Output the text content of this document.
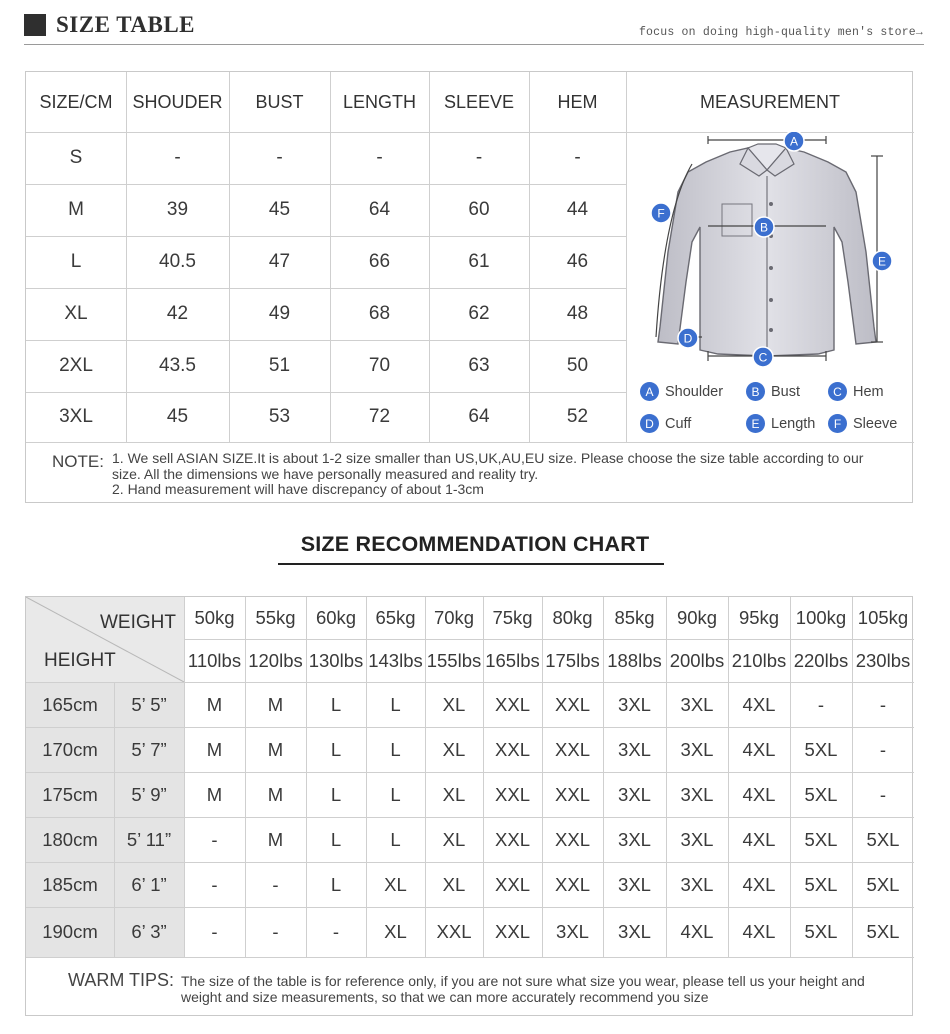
SIZE TABLE	focus on doing high-quality men's store→
SIZE/CM	SHOUDER	BUST	LENGTH	SLEEVE	HEM
S	-	-	-	-	-
M	39	45	64	60	44
L	40.5	47	66	61	46
XL	42	49	68	62	48
2XL	43.5	51	70	63	50
3XL	45	53	72	64	52
MEASUREMENT
A
B
C
D
E
F
A Shoulder	B Bust	C Hem
D Cuff	E Length	F Sleeve
NOTE: 1. We sell ASIAN SIZE.It is about 1-2 size smaller than US,UK,AU,EU size. Please choose the size table according to our size. All the dimensions we have personally measured and reality try.
2. Hand measurement will have discrepancy of about 1-3cm
SIZE RECOMMENDATION CHART
WEIGHT
HEIGHT
50kg	55kg	60kg	65kg 70kg 75kg	80kg	85kg	90kg	95kg 100kg 105kg
110lbs 120lbs 130lbs 143lbs 155lbs 165lbs 175lbs 188lbs 200lbs 210lbs 220lbs 230lbs
165cm	5’ 5”	M	M	L	L	XL	XXL	XXL	3XL	3XL	4XL	-	-
170cm	5’ 7”	M	M	L	L	XL	XXL	XXL	3XL	3XL	4XL	5XL	-
175cm	5’ 9”	M	M	L	L	XL	XXL	XXL	3XL	3XL	4XL	5XL	-
180cm	5’ 11”	-	M	L	L	XL	XXL	XXL	3XL	3XL	4XL	5XL	5XL
185cm	6’ 1”	-	-	L	XL	XL	XXL	XXL	3XL	3XL	4XL	5XL	5XL
190cm	6’ 3”	-	-	-	XL	XXL	XXL	3XL	3XL	4XL	4XL	5XL	5XL
WARM TIPS: The size of the table is for reference only, if you are not sure what size you wear, please tell us your height and weight and size measurements, so that we can more accurately recommend you size
